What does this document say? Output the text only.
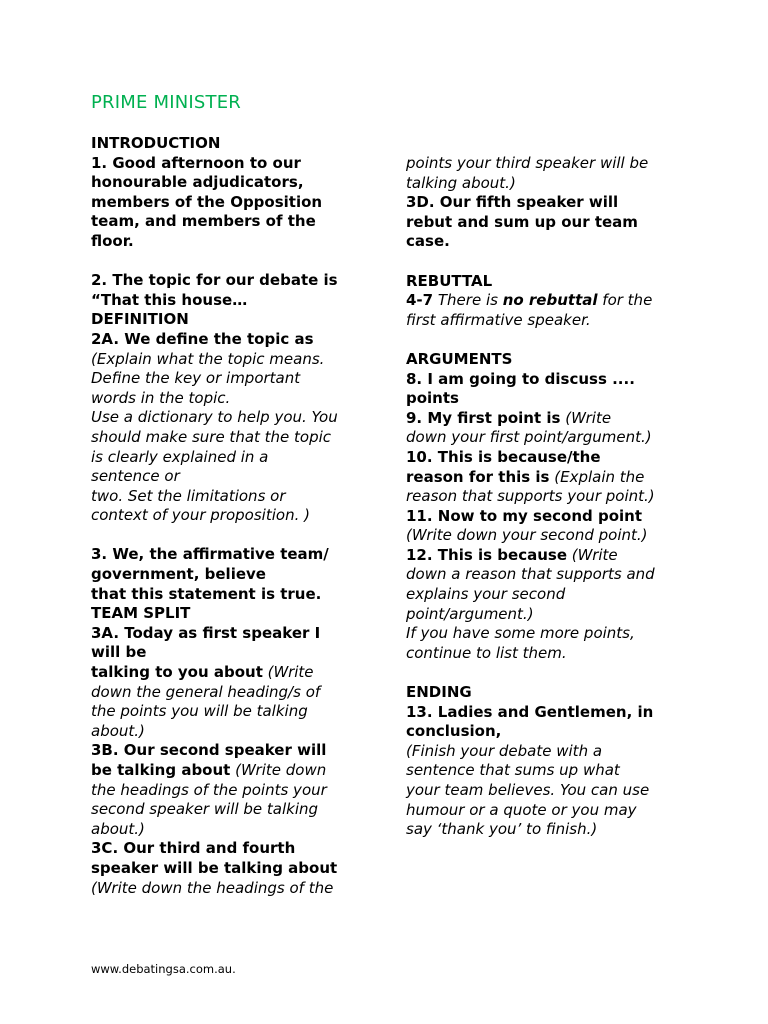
PRIME MINISTER
INTRODUCTION
1. Good afternoon to our
honourable adjudicators,
members of the Opposition
team, and members of the
floor.
2. The topic for our debate is
“That this house…
DEFINITION
2A. We define the topic as
(Explain what the topic means.
Define the key or important
words in the topic.
Use a dictionary to help you. You
should make sure that the topic
is clearly explained in a
sentence or
two. Set the limitations or
context of your proposition. )
3. We, the affirmative team/
government, believe
that this statement is true.
TEAM SPLIT
3A. Today as first speaker I
will be
talking to you about (Write
down the general heading/s of
the points you will be talking
about.)
3B. Our second speaker will
be talking about (Write down
the headings of the points your
second speaker will be talking
about.)
3C. Our third and fourth
speaker will be talking about
(Write down the headings of the
points your third speaker will be
talking about.)
3D. Our fifth speaker will
rebut and sum up our team
case.
REBUTTAL
4-7 There is no rebuttal for the
first affirmative speaker.
ARGUMENTS
8. I am going to discuss ....
points
9. My first point is (Write
down your first point/argument.)
10. This is because/the
reason for this is (Explain the
reason that supports your point.)
11. Now to my second point
(Write down your second point.)
12. This is because (Write
down a reason that supports and
explains your second
point/argument.)
If you have some more points,
continue to list them.
ENDING
13. Ladies and Gentlemen, in
conclusion,
(Finish your debate with a
sentence that sums up what
your team believes. You can use
humour or a quote or you may
say ‘thank you’ to finish.)
www.debatingsa.com.au.
